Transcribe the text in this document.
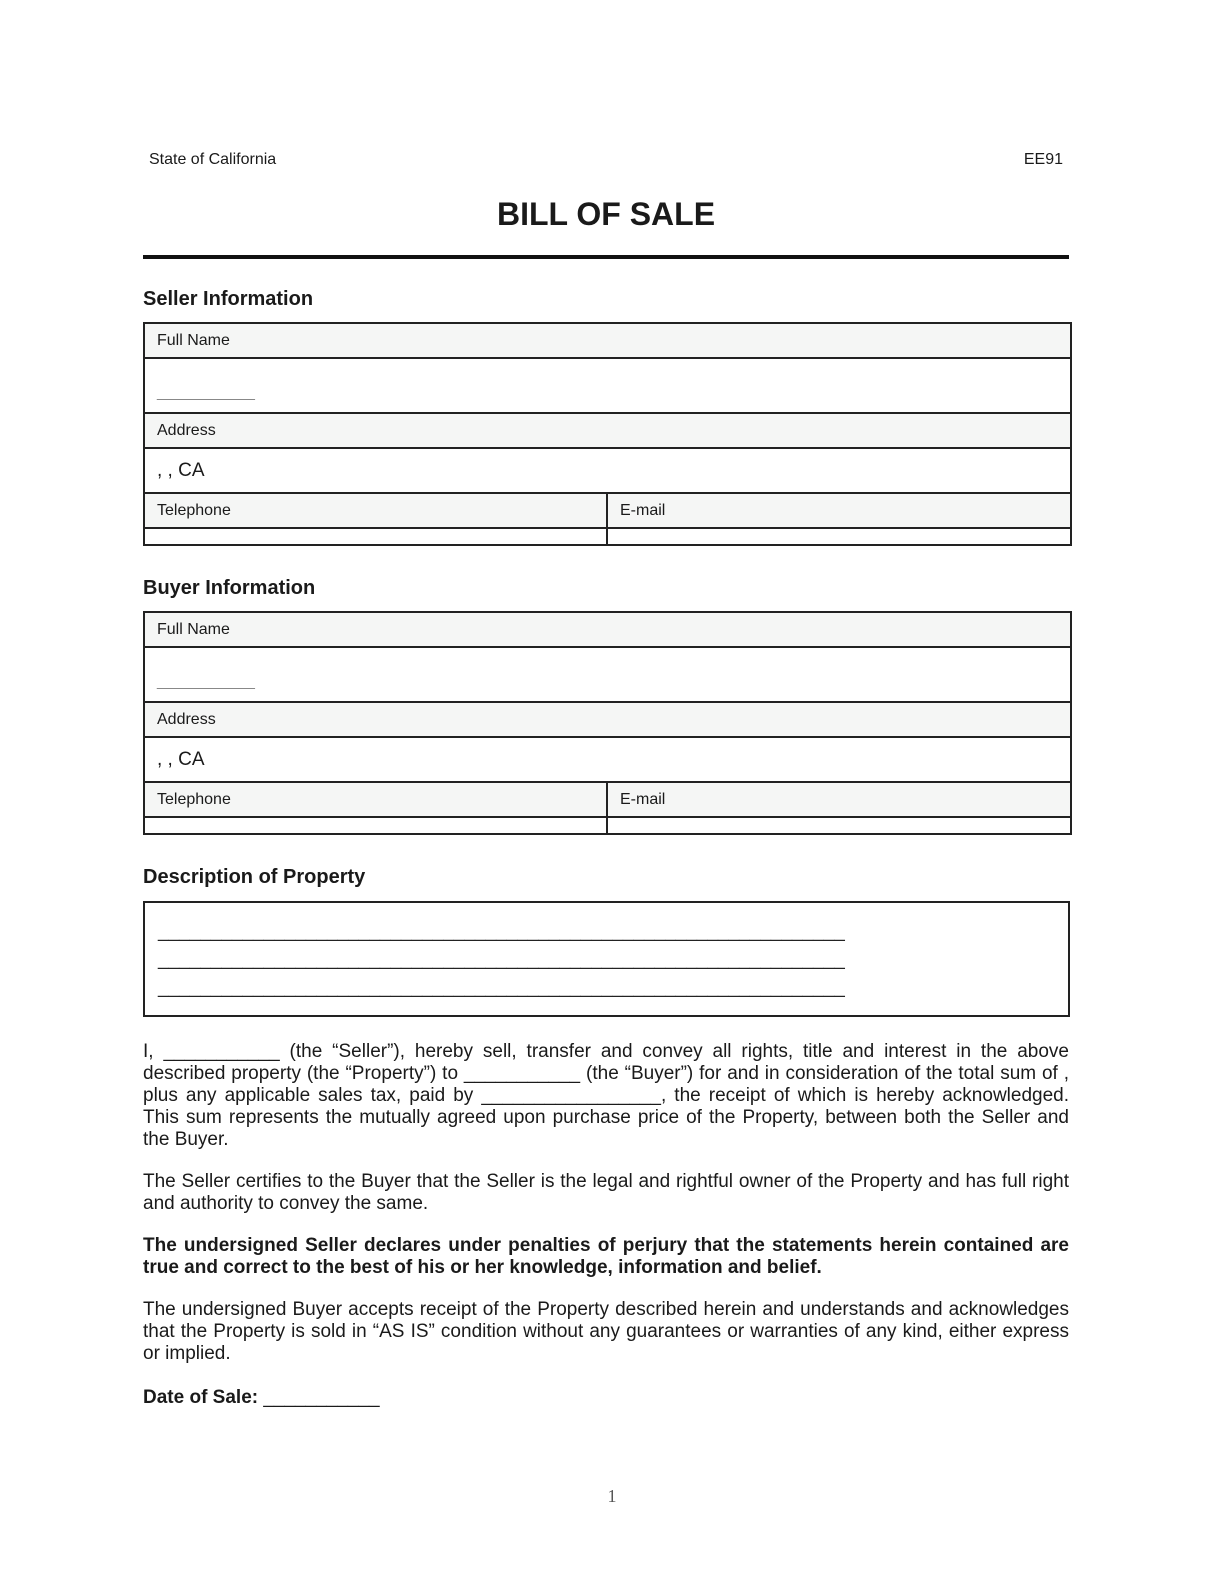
State of California	EE91
BILL OF SALE
Seller Information
Full Name	
___________	
Address	
, , CA	
Telephone	E-mail

Buyer Information
Full Name	
___________	
Address	
, , CA	
Telephone	E-mail

Description of Property
_________________________________________________________________
_________________________________________________________________
_________________________________________________________________

I, ___________ (the “Seller”), hereby sell, transfer and convey all rights, title and interest in the above described property (the “Property”) to ___________ (the “Buyer”) for and in consideration of the total sum of , plus any applicable sales tax, paid by _________________, the receipt of which is hereby acknowledged. This sum represents the mutually agreed upon purchase price of the Property, between both the Seller and the Buyer.

The Seller certifies to the Buyer that the Seller is the legal and rightful owner of the Property and has full right and authority to convey the same.

The undersigned Seller declares under penalties of perjury that the statements herein contained are true and correct to the best of his or her knowledge, information and belief.

The undersigned Buyer accepts receipt of the Property described herein and understands and acknowledges that the Property is sold in “AS IS” condition without any guarantees or warranties of any kind, either express or implied.

Date of Sale: ___________

1
